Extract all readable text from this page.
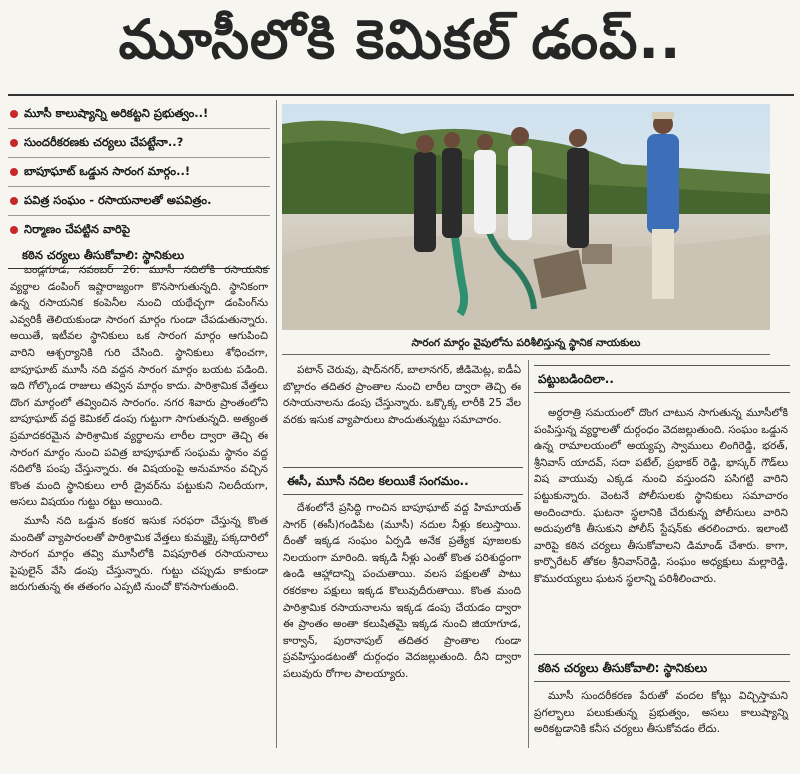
మూసీలోకి కెమికల్ డంప్..
మూసీ కాలుష్యాన్ని అరికట్టని ప్రభుత్వం..!
సుందరీకరణకు చర్యలు చేపట్టేనా..?
బాపూఘాట్ ఒడ్డున సారంగ మార్గం..!
పవిత్ర సంఘం - రసాయనాలతో అపవిత్రం.
నిర్మాణం చేపట్టిన వారిపై
కఠిన చర్యలు తీసుకోవాలి: స్థానికులు
సారంగ మార్గం వైపులోను పరిశీలిస్తున్న స్థానిక నాయకులు

బండ్లగూడ, నవంబర్ 26: మూసీ నదిలోకి రసాయనిక వ్యర్థాల డంపింగ్ ఇష్టారాజ్యంగా కొనసాగుతున్నది. స్థానికంగా ఉన్న రసాయనిక కంపెనీల నుంచి యథేచ్ఛగా డంపింగ్‌ను ఎవ్వరికీ తెలియకుండా సారంగ మార్గం గుండా చేపడుతున్నారు. అయితే, ఇటీవల స్థానికులు ఒక సారంగ మార్గం ఆగుపించి వారిని ఆశ్చర్యానికి గురి చేసింది. స్థానికులు శోధించగా, బాపూఘాట్ మూసీ నది వద్దన సారంగ మార్గం బయట పడింది. ఇది గోల్కొండ రాజులు తవ్విన మార్గం కాదు. పారిశ్రామిక వేత్తలు దొంగ మార్గంలో తవ్వించిన సారంగం. నగర శివారు ప్రాంతంలోని బాపూఘాట్ వద్ద కెమికల్ డంపు గుట్టుగా సాగుతున్నది. అత్యంత ప్రమాదకరమైన పారిశ్రామిక వ్యర్థాలను లారీల ద్వారా తెచ్చి ఈ సారంగ మార్గం నుంచి పవిత్ర బాపూఘాట్ సంఘమ స్థానం వద్ద నదిలోకి పంపు చేస్తున్నారు. ఈ విషయంపై అనుమానం వచ్చిన కొంత మంది స్థానికులు లారీ డ్రైవర్‌ను పట్టుకుని నిలదీయగా, అసలు విషయం గుట్టు రట్టు అయింది.

మూసీ నది ఒడ్డున కంకర ఇసుక సరఫరా చేస్తున్న కొంత మందితో వ్యాపారంలతో పారిశ్రామిక వేత్తలు కుమ్మక్కై పక్కదారిలో సారంగ మార్గం తవ్వి మూసీలోకి విషపూరిత రసాయనాలు పైపులైన్ వేసి డంపు చేస్తున్నారు. గుట్టు చప్పుడు కాకుండా జరుగుతున్న ఈ తతంగం ఎప్పటి నుంచో కొనసాగుతుంది.

పటాన్ చెరువు, షాద్‌నగర్, బాలానగర్, జీడిమెట్ల, ఐడీఏ బొల్లారం తదితర ప్రాంతాల నుంచి లారీల ద్వారా తెచ్చి ఈ రసాయనాలను డంపు చేస్తున్నారు. ఒక్కొక్క లారీకి 25 వేల వరకు ఇసుక వ్యాపారులు పొందుతున్నట్టు సమాచారం.

ఈసీ, మూసీ నదిల కలయికే సంగమం..

దేశంలోనే ప్రసిద్ధి గాంచిన బాపూఘాట్ వద్ద హిమాయత్ సాగర్ (ఈసీ)గండిపేట (మూసీ) నదుల నీళ్లు కలుస్తాయి. దీంతో ఇక్కడ సంఘం ఏర్పడి అనేక ప్రత్యేక పూజలకు నిలయంగా మారింది. ఇక్కడి నీళ్లు ఎంతో కొంత పరిశుద్ధంగా ఉండి ఆహ్లాదాన్ని పంచుతాయి. వలస పక్షులతో పాటు రకరకాల పక్షులు ఇక్కడ కొలువుదీరుతాయి. కొంత మంది పారిశ్రామిక రసాయనాలను ఇక్కడ డంపు చేయడం ద్వారా ఈ ప్రాంతం అంతా కలుషితమై ఇక్కడ నుంచి జియాగూడ, కార్వాన్, పురానాపుల్ తదితర ప్రాంతాల గుండా ప్రవహిస్తుండటంతో దుర్గంధం వెదజల్లుతుంది. దీని ద్వారా పలువురు రోగాల పాలయ్యారు.

పట్టుబడిందిలా..

అర్ధరాత్రి సమయంలో దొంగ చాటున సాగుతున్న మూసీలోకి పంపిస్తున్న వ్యర్థాలతో దుర్గంధం వెదజల్లుతుంది. సంఘం ఒడ్డున ఉన్న రామాలయంలో అయ్యప్ప స్వాములు లింగిరెడ్డి, భరత్, శ్రీనివాస్ యాదవ్, సదా పటేల్, ప్రభాకర్ రెడ్డి, భాస్కర్ గౌడ్‌లు విష వాయువు ఎక్కడ నుంచి వస్తుందని పసిగట్టి వారిని పట్టుకున్నారు. వెంటనే పోలీసులకు స్థానికులు సమాచారం అందించారు. ఘటనా స్థలానికి చేరుకున్న పోలీసులు వారిని అదుపులోకి తీసుకుని పోలీస్ స్టేషన్‌కు తరలించారు. ఇలాంటి వారిపై కఠిన చర్యలు తీసుకోవాలని డిమాండ్ చేశారు. కాగా, కార్పొరేటర్ తోకల శ్రీనివాస్‌రెడ్డి, సంఘం అధ్యక్షులు మల్లారెడ్డి, కొమురయ్యలు ఘటన స్థలాన్ని పరిశీలించారు.

కఠిన చర్యలు తీసుకోవాలి: స్థానికులు

మూసీ సుందరీకరణ పేరుతో వందల కోట్లు విచ్చిస్తామని ప్రగల్భాలు పలుకుతున్న ప్రభుత్వం, అసలు కాలుష్యాన్ని అరికట్టడానికి కనీస చర్యలు తీసుకోవడం లేదు.
